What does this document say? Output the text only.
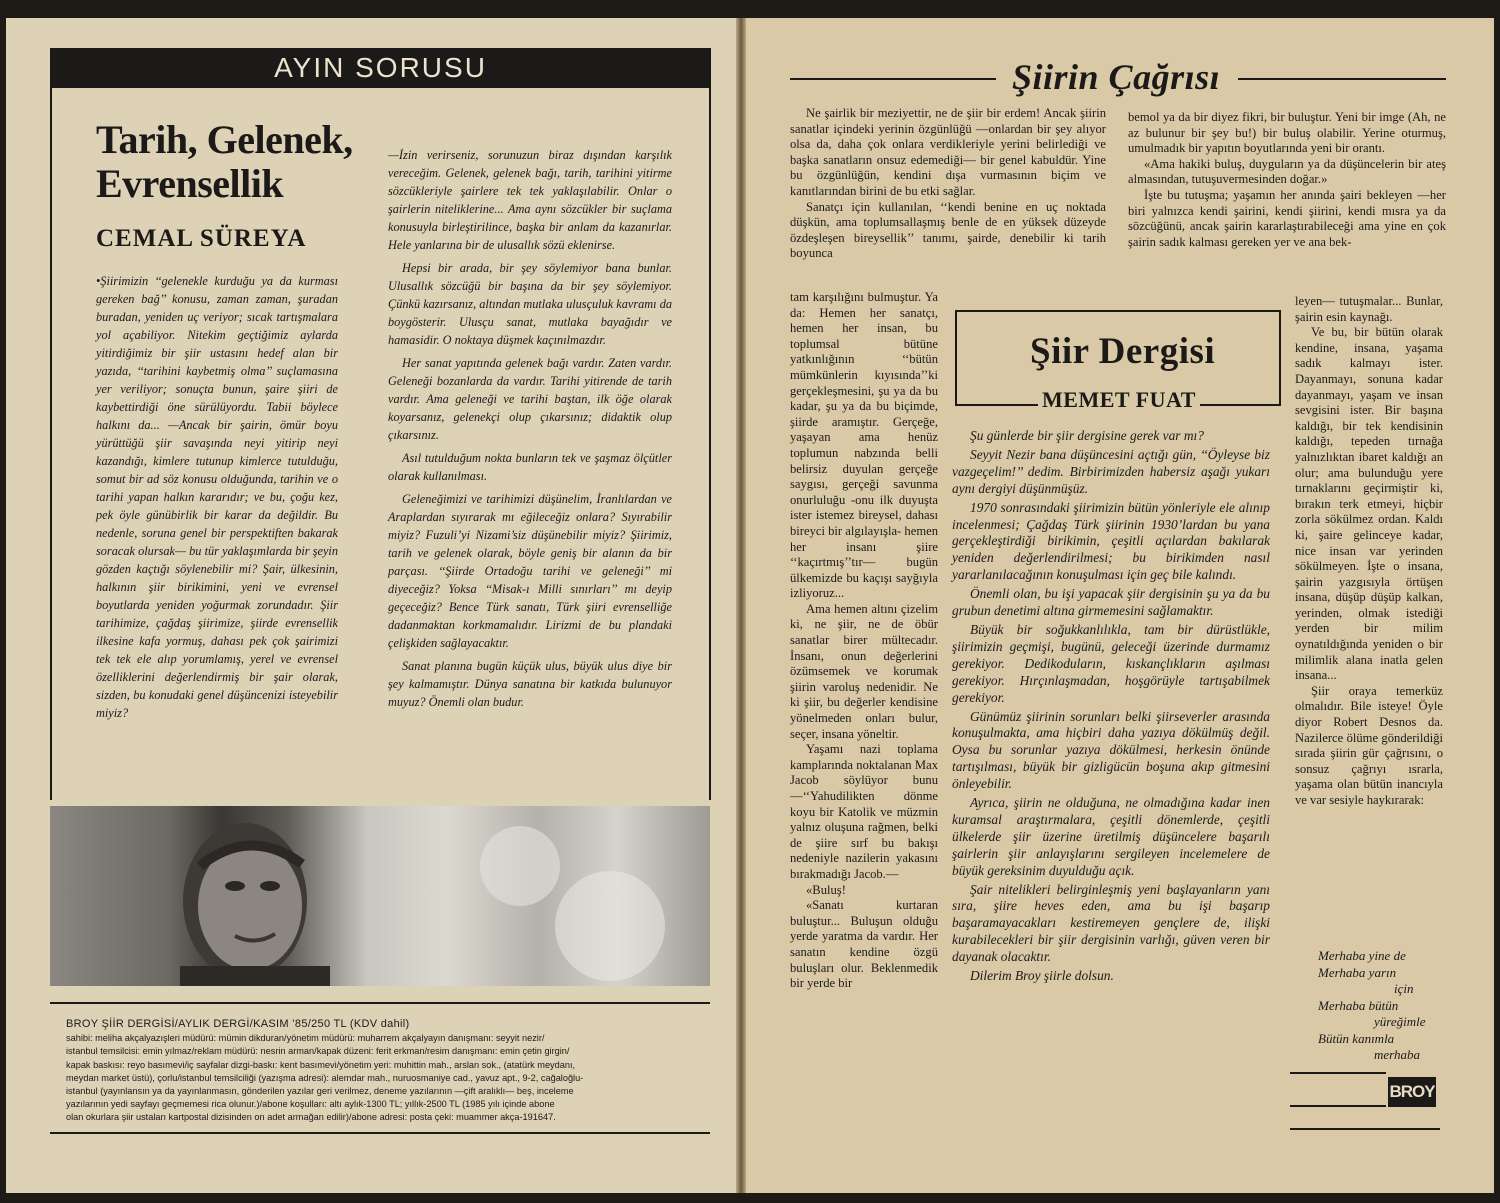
AYIN SORUSU
Tarih, Gelenek,
Evrensellik
CEMAL SÜREYA

•Şiirimizin ‘‘gelenekle kurduğu ya da kurması gereken bağ’’ konusu, zaman zaman, şuradan buradan, yeniden uç veriyor; sıcak tartışmalara yol açabiliyor. Nitekim geçtiğimiz aylarda yitirdiğimiz bir şiir ustasını hedef alan bir yazıda, ‘‘tarihini kaybetmiş olma’’ suçlamasına yer veriliyor; sonuçta bunun, şaire şiiri de kaybettirdiği öne sürülüyordu. Tabii böylece halkını da... —Ancak bir şairin, ömür boyu yürüttüğü şiir savaşında neyi yitirip neyi kazandığı, kimlere tutunup kimlerce tutulduğu, somut bir ad söz konusu olduğunda, tarihin ve o tarihi yapan halkın kararıdır; ve bu, çoğu kez, pek öyle günübirlik bir karar da değildir. Bu nedenle, soruna genel bir perspektiften bakarak soracak olursak— bu tür yaklaşımlarda bir şeyin gözden kaçtığı söylenebilir mi? Şair, ülkesinin, halkının şiir birikimini, yeni ve evrensel boyutlarda yeniden yoğurmak zorundadır. Şiir tarihimize, çağdaş şiirimize, şiirde evrensellik ilkesine kafa yormuş, dahası pek çok şairimizi tek tek ele alıp yorumlamış, yerel ve evrensel özelliklerini değerlendirmiş bir şair olarak, sizden, bu konudaki genel düşüncenizi isteyebilir miyiz?

—İzin verirseniz, sorunuzun biraz dışından karşılık vereceğim. Gelenek, gelenek bağı, tarih, tarihini yitirme sözcükleriyle şairlere tek tek yaklaşılabilir. Onlar o şairlerin niteliklerine... Ama aynı sözcükler bir suçlama konusuyla birleştirilince, başka bir anlam da kazanırlar. Hele yanlarına bir de ulusallık sözü eklenirse.

Hepsi bir arada, bir şey söylemiyor bana bunlar. Ulusallık sözcüğü bir başına da bir şey söylemiyor. Çünkü kazırsanız, altından mutlaka ulusçuluk kavramı da boygösterir. Ulusçu sanat, mutlaka bayağıdır ve hamasidir. O noktaya düşmek kaçınılmazdır.

Her sanat yapıtında gelenek bağı vardır. Zaten vardır. Geleneği bozanlarda da vardır. Tarihi yitirende de tarih vardır. Ama geleneği ve tarihi baştan, ilk öğe olarak koyarsanız, gelenekçi olup çıkarsınız; didaktik olup çıkarsınız.

Asıl tutulduğum nokta bunların tek ve şaşmaz ölçütler olarak kullanılması.

Geleneğimizi ve tarihimizi düşünelim, İranlılardan ve Araplardan sıyırarak mı eğileceğiz onlara? Sıyırabilir miyiz? Fuzuli’yi Nizami’siz düşünebilir miyiz? Şiirimiz, tarih ve gelenek olarak, böyle geniş bir alanın da bir parçası. ‘‘Şiirde Ortadoğu tarihi ve geleneği’’ mi diyeceğiz? Yoksa ‘‘Misak-ı Milli sınırları’’ mı deyip geçeceğiz? Bence Türk sanatı, Türk şiiri evrenselliğe dadanmaktan korkmamalıdır. Lirizmi de bu plandaki çelişkiden sağlayacaktır.

Sanat planına bugün küçük ulus, büyük ulus diye bir şey kalmamıştır. Dünya sanatına bir katkıda bulunuyor muyuz? Önemli olan budur.

BROY ŞİİR DERGİSİ/AYLIK DERGİ/KASIM ’85/250 TL (KDV dahil)
sahibi: meliha akçalyazışleri müdürü: mümin dikduran/yönetim müdürü: muharrem akçalyayın danışmanı: seyyit nezir/
istanbul temsilcisi: emin yılmaz/reklam müdürü: nesrin arman/kapak düzeni: ferit erkman/resim danışmanı: emin çetin girgin/
kapak baskısı: reyo basımevi/iç sayfalar dizgi-baskı: kent basımevi/yönetim yeri: muhittin mah., arslan sok., (atatürk meydanı,
meydan market üstü), çorlu/istanbul temsilciliği (yazışma adresi): alemdar mah., nuruosmaniye cad., yavuz apt., 9-2, cağaloğlu-
istanbul (yayınlansın ya da yayınlanmasın, gönderilen yazılar geri verilmez, deneme yazılarının —çift aralıklı— beş, inceleme
yazılarının yedi sayfayı geçmemesi rica olunur.)/abone koşulları: altı aylık-1300 TL; yıllık-2500 TL (1985 yılı içinde abone
olan okurlara şiir ustaları kartpostal dizisinden on adet armağan edilir)/abone adresi: posta çeki: muammer akça-191647.
Şiirin Çağrısı

Ne şairlik bir meziyettir, ne de şiir bir erdem! Ancak şiirin sanatlar içindeki yerinin özgünlüğü —onlardan bir şey alıyor olsa da, daha çok onlara verdikleriyle yerini belirlediği ve başka sanatların onsuz edemediği— bir genel kabuldür. Yine bu özgünlüğün, kendini dışa vurmasının biçim ve kanıtlarından birini de bu etki sağlar.

Sanatçı için kullanılan, ‘‘kendi benine en uç noktada düşkün, ama toplumsallaşmış benle de en yüksek düzeyde özdeşleşen bireysellik’’ tanımı, şairde, denebilir ki tarih boyunca

bemol ya da bir diyez fikri, bir buluştur. Yeni bir imge (Ah, ne az bulunur bir şey bu!) bir buluş olabilir. Yerine oturmuş, umulmadık bir yapıtın boyutlarında yeni bir orantı.

«Ama hakiki buluş, duyguların ya da düşüncelerin bir ateş almasından, tutuşuvermesinden doğar.»

İşte bu tutuşma; yaşamın her anında şairi bekleyen —her biri yalnızca kendi şairini, kendi şiirini, kendi mısra ya da sözcüğünü, ancak şairin kararlaştırabileceği ama yine en çok şairin sadık kalması gereken yer ve ana bek-

tam karşılığını bulmuştur. Ya da: Hemen her sanatçı, hemen her insan, bu toplumsal bütüne yatkınlığının ‘‘bütün mümkünlerin kıyısında’’ki gerçekleşmesini, şu ya da bu kadar, şu ya da bu biçimde, şiirde aramıştır. Gerçeğe, yaşayan ama henüz toplumun nabzında belli belirsiz duyulan gerçeğe saygısı, gerçeği savunma onurluluğu -onu ilk duyuşta ister istemez bireysel, dahası bireyci bir algılayışla- hemen her insanı şiire ‘‘kaçırtmış’’tır— bugün ülkemizde bu kaçışı sayğıyla izliyoruz...

Ama hemen altını çizelim ki, ne şiir, ne de öbür sanatlar birer mültecadır. İnsanı, onun değerlerini özümsemek ve korumak şiirin varoluş nedenidir. Ne ki şiir, bu değerler kendisine yönelmeden onları bulur, seçer, insana yöneltir.

Yaşamı nazi toplama kamplarında noktalanan Max Jacob söylüyor bunu —‘‘Yahudilikten dönme koyu bir Katolik ve müzmin yalnız oluşuna rağmen, belki de şiire sırf bu bakışı nedeniyle nazilerin yakasını bırakmadığı Jacob.—

«Buluş!

«Sanatı kurtaran buluştur... Buluşun olduğu yerde yaratma da vardır. Her sanatın kendine özgü buluşları olur. Beklenmedik bir yerde bir

leyen— tutuşmalar... Bunlar, şairin esin kaynağı.

Ve bu, bir bütün olarak kendine, insana, yaşama sadık kalmayı ister. Dayanmayı, sonuna kadar dayanmayı, yaşam ve insan sevgisini ister. Bir başına kaldığı, bir tek kendisinin kaldığı, tepeden tırnağa yalnızlıktan ibaret kaldığı an olur; ama bulunduğu yere tırnaklarını geçirmiştir ki, bırakın terk etmeyi, hiçbir zorla sökülmez ordan. Kaldı ki, şaire gelinceye kadar, nice insan var yerinden sökülmeyen. İşte o insana, şairin yazgısıyla örtüşen insana, düşüp düşüp kalkan, yerinden, olmak istediği yerden bir milim oynatıldığında yeniden o bir milimlik alana inatla gelen insana...

Şiir oraya temerküz olmalıdır. Bile isteye! Öyle diyor Robert Desnos da. Nazilerce ölüme gönderildiği sırada şiirin gür çağrısını, o sonsuz çağrıyı ısrarla, yaşama olan bütün inancıyla ve var sesiyle haykırarak:

Merhaba yine de
Merhaba yarın
için
Merhaba bütün
yüreğimle
Bütün kanımla
merhaba
Şiir Dergisi
MEMET FUAT

Şu günlerde bir şiir dergisine gerek var mı?

Seyyit Nezir bana düşüncesini açtığı gün, ‘‘Öyleyse biz vazgeçelim!’’ dedim. Birbirimizden habersiz aşağı yukarı aynı dergiyi düşünmüşüz.

1970 sonrasındaki şiirimizin bütün yönleriyle ele alınıp incelenmesi; Çağdaş Türk şiirinin 1930’lardan bu yana gerçekleştirdiği birikimin, çeşitli açılardan bakılarak yeniden değerlendirilmesi; bu birikimden nasıl yararlanılacağının konuşulması için geç bile kalındı.

Önemli olan, bu işi yapacak şiir dergisinin şu ya da bu grubun denetimi altına girmemesini sağlamaktır.

Büyük bir soğukkanlılıkla, tam bir dürüstlükle, şiirimizin geçmişi, bugünü, geleceği üzerinde durmamız gerekiyor. Dedikoduların, kıskançlıkların aşılması gerekiyor. Hırçınlaşmadan, hoşgörüyle tartışabilmek gerekiyor.

Günümüz şiirinin sorunları belki şiirseverler arasında konuşulmakta, ama hiçbiri daha yazıya dökülmüş değil. Oysa bu sorunlar yazıya dökülmesi, herkesin önünde tartışılması, büyük bir gizligücün boşuna akıp gitmesini önleyebilir.

Ayrıca, şiirin ne olduğuna, ne olmadığına kadar inen kuramsal araştırmalara, çeşitli dönemlerde, çeşitli ülkelerde şiir üzerine üretilmiş düşüncelere başarılı şairlerin şiir anlayışlarını sergileyen incelemelere de büyük gereksinim duyulduğu açık.

Şair nitelikleri belirginleşmiş yeni başlayanların yanı sıra, şiire heves eden, ama bu işi başarıp başaramayacakları kestiremeyen gençlere de, ilişki kurabilecekleri bir şiir dergisinin varlığı, güven veren bir dayanak olacaktır.

Dilerim Broy şiirle dolsun.

BROY
